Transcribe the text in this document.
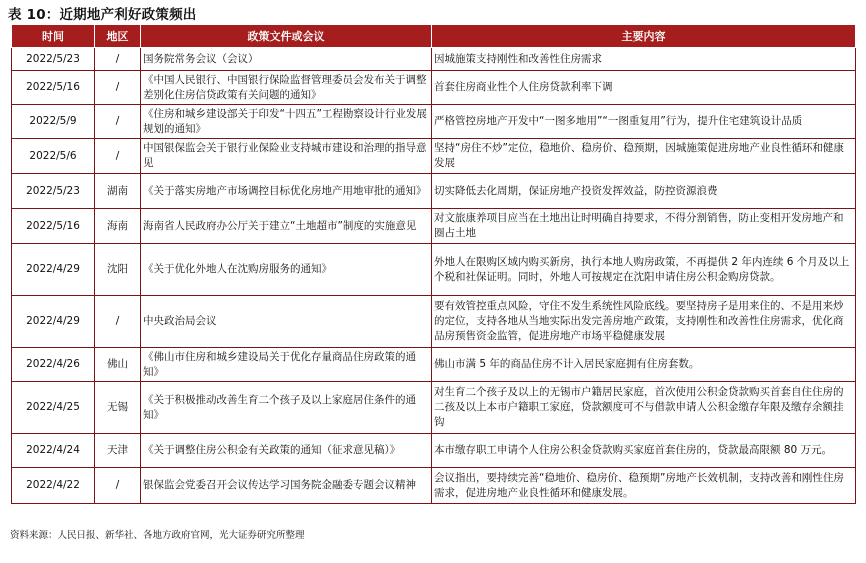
表 10：近期地产利好政策频出
时间	地区	政策文件或会议	主要内容
2022/5/23	/	国务院常务会议（会议）	因城施策支持刚性和改善性住房需求
2022/5/16	/	《中国人民银行、中国银行保险监督管理委员会发布关于调整差别化住房信贷政策有关问题的通知》	首套住房商业性个人住房贷款利率下调
2022/5/9	/	《住房和城乡建设部关于印发“十四五”工程勘察设计行业发展规划的通知》	严格管控房地产开发中“一图多地用”“一图重复用”行为，提升住宅建筑设计品质
2022/5/6	/	中国银保监会关于银行业保险业支持城市建设和治理的指导意见	坚持“房住不炒”定位，稳地价、稳房价、稳预期，因城施策促进房地产业良性循环和健康发展
2022/5/23	湖南	《关于落实房地产市场调控目标优化房地产用地审批的通知》	切实降低去化周期，保证房地产投资发挥效益，防控资源浪费
2022/5/16	海南	海南省人民政府办公厅关于建立“土地超市”制度的实施意见	对文旅康养项目应当在土地出让时明确自持要求，不得分割销售，防止变相开发房地产和圈占土地
2022/4/29	沈阳	《关于优化外地人在沈购房服务的通知》	外地人在限购区域内购买新房，执行本地人购房政策，不再提供 2 年内连续 6 个月及以上个税和社保证明。同时，外地人可按规定在沈阳申请住房公积金购房贷款。
2022/4/29	/	中央政治局会议	要有效管控重点风险，守住不发生系统性风险底线。要坚持房子是用来住的、不是用来炒的定位，支持各地从当地实际出发完善房地产政策，支持刚性和改善性住房需求，优化商品房预售资金监管，促进房地产市场平稳健康发展
2022/4/26	佛山	《佛山市住房和城乡建设局关于优化存量商品住房政策的通知》	佛山市满 5 年的商品住房不计入居民家庭拥有住房套数。
2022/4/25	无锡	《关于积极推动改善生育二个孩子及以上家庭居住条件的通知》	对生育二个孩子及以上的无锡市户籍居民家庭，首次使用公积金贷款购买首套自住住房的二孩及以上本市户籍职工家庭，贷款额度可不与借款申请人公积金缴存年限及缴存余额挂钩
2022/4/24	天津	《关于调整住房公积金有关政策的通知（征求意见稿）》	本市缴存职工申请个人住房公积金贷款购买家庭首套住房的，贷款最高限额 80 万元。
2022/4/22	/	银保监会党委召开会议传达学习国务院金融委专题会议精神	会议指出，要持续完善“稳地价、稳房价、稳预期”房地产长效机制，支持改善和刚性住房需求，促进房地产业良性循环和健康发展。
资料来源：人民日报、新华社、各地方政府官网，光大证券研究所整理
